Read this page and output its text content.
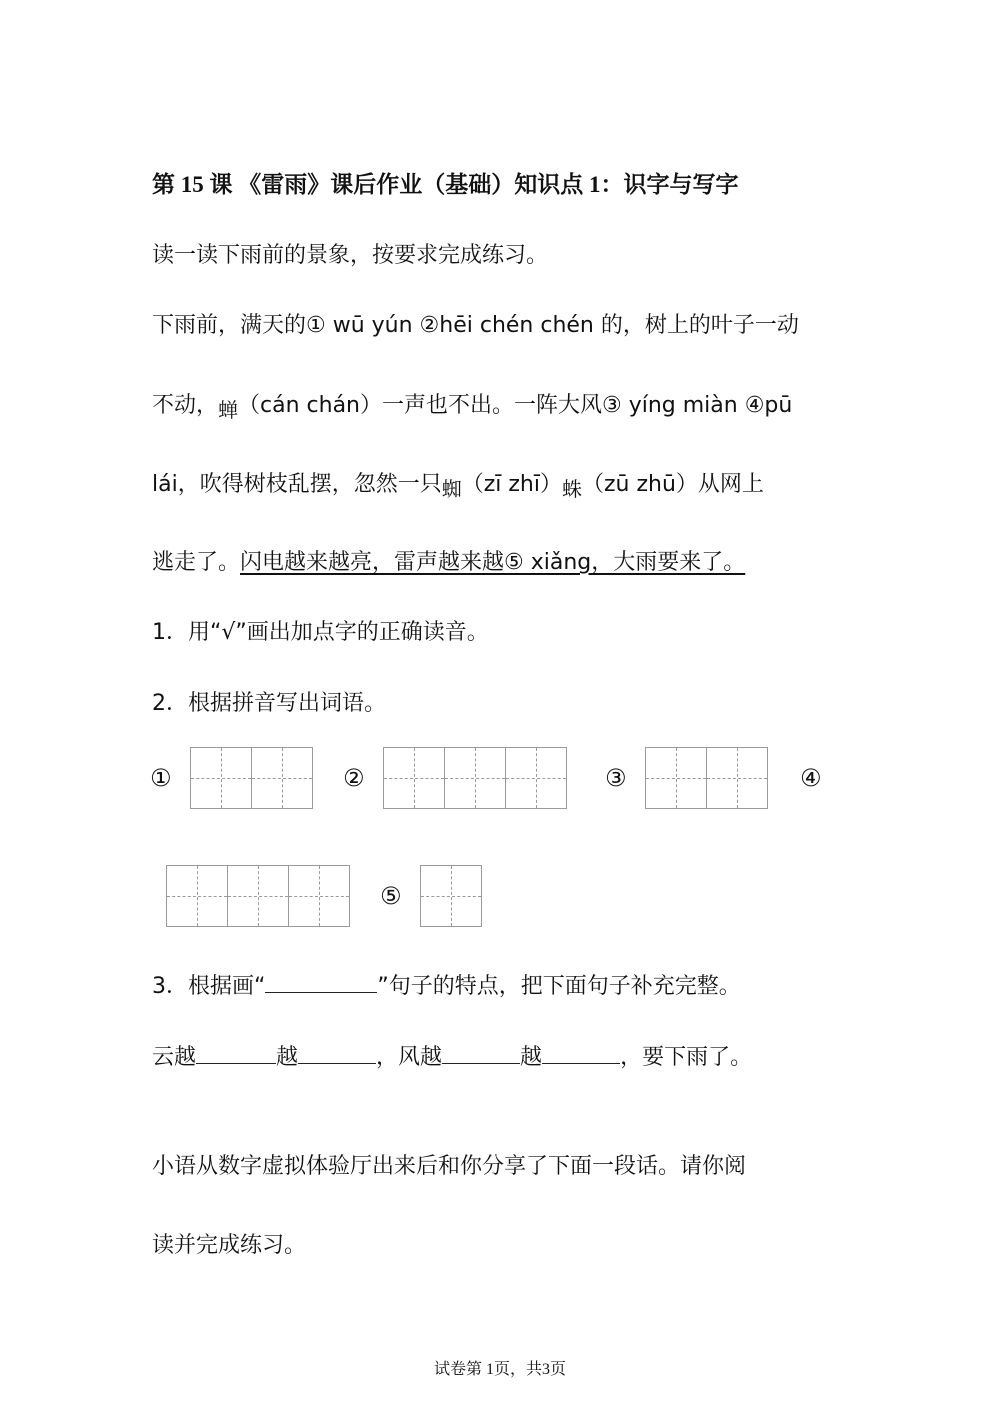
第 15 课 《雷雨》课后作业（基础）知识点 1：识字与写字
读一读下雨前的景象，按要求完成练习。
下雨前，满天的① wū yún ②hēi chén chén 的，树上的叶子一动
不动，蝉（cán chán）一声也不出。一阵大风③ yíng miàn ④pū
lái，吹得树枝乱摆，忽然一只蜘（zī zhī）蛛（zū zhū）从网上
逃走了。闪电越来越亮，雷声越来越⑤ xiǎng，大雨要来了。
1．用“√”画出加点字的正确读音。
2．根据拼音写出词语。
①	②	③	④
⑤
3．根据画“	”句子的特点，把下面句子补充完整。
云越	越	，风越	越	，要下雨了。
小语从数字虚拟体验厅出来后和你分享了下面一段话。请你阅
读并完成练习。
试卷第 1页，共3页
